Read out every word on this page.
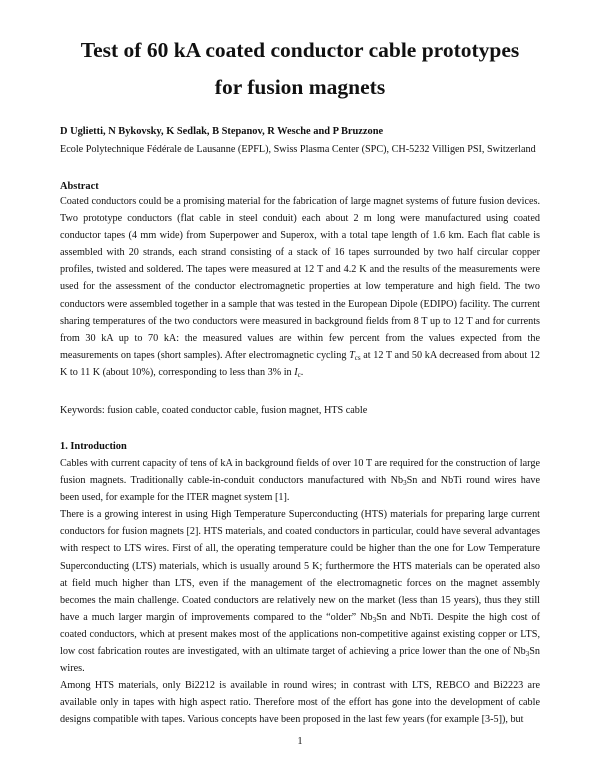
Test of 60 kA coated conductor cable prototypes
for fusion magnets
D Uglietti, N Bykovsky, K Sedlak, B Stepanov, R Wesche and P Bruzzone
Ecole Polytechnique Fédérale de Lausanne (EPFL), Swiss Plasma Center (SPC), CH-5232 Villigen PSI, Switzerland
Abstract

Coated conductors could be a promising material for the fabrication of large magnet systems of future fusion devices. Two prototype conductors (flat cable in steel conduit) each about 2 m long were manufactured using coated conductor tapes (4 mm wide) from Superpower and Superox, with a total tape length of 1.6 km. Each flat cable is assembled with 20 strands, each strand consisting of a stack of 16 tapes surrounded by two half circular copper profiles, twisted and soldered. The tapes were measured at 12 T and 4.2 K and the results of the measurements were used for the assessment of the conductor electromagnetic properties at low temperature and high field. The two conductors were assembled together in a sample that was tested in the European Dipole (EDIPO) facility. The current sharing temperatures of the two conductors were measured in background fields from 8 T up to 12 T and for currents from 30 kA up to 70 kA: the measured values are within few percent from the values expected from the measurements on tapes (short samples). After electromagnetic cycling $T_{cs}$ at 12 T and 50 kA decreased from about 12 K to 11 K (about 10%), corresponding to less than 3% in $I_c$.

Keywords: fusion cable, coated conductor cable, fusion magnet, HTS cable

1. Introduction

Cables with current capacity of tens of kA in background fields of over 10 T are required for the construction of large fusion magnets. Traditionally cable-in-conduit conductors manufactured with $Nb_3Sn$ and NbTi round wires have been used, for example for the ITER magnet system [1].

There is a growing interest in using High Temperature Superconducting (HTS) materials for preparing large current conductors for fusion magnets [2]. HTS materials, and coated conductors in particular, could have several advantages with respect to LTS wires. First of all, the operating temperature could be higher than the one for Low Temperature Superconducting (LTS) materials, which is usually around 5 K; furthermore the HTS materials can be operated also at field much higher than LTS, even if the management of the electromagnetic forces on the magnet assembly becomes the main challenge. Coated conductors are relatively new on the market (less than 15 years), thus they still have a much larger margin of improvements compared to the “older” $Nb_3Sn$ and NbTi. Despite the high cost of coated conductors, which at present makes most of the applications non-competitive against existing copper or LTS, low cost fabrication routes are investigated, with an ultimate target of achieving a price lower than the one of $Nb_3Sn$ wires.

Among HTS materials, only Bi2212 is available in round wires; in contrast with LTS, REBCO and Bi2223 are available only in tapes with high aspect ratio. Therefore most of the effort has gone into the development of cable designs compatible with tapes. Various concepts have been proposed in the last few years (for example [3-5]), but

1
